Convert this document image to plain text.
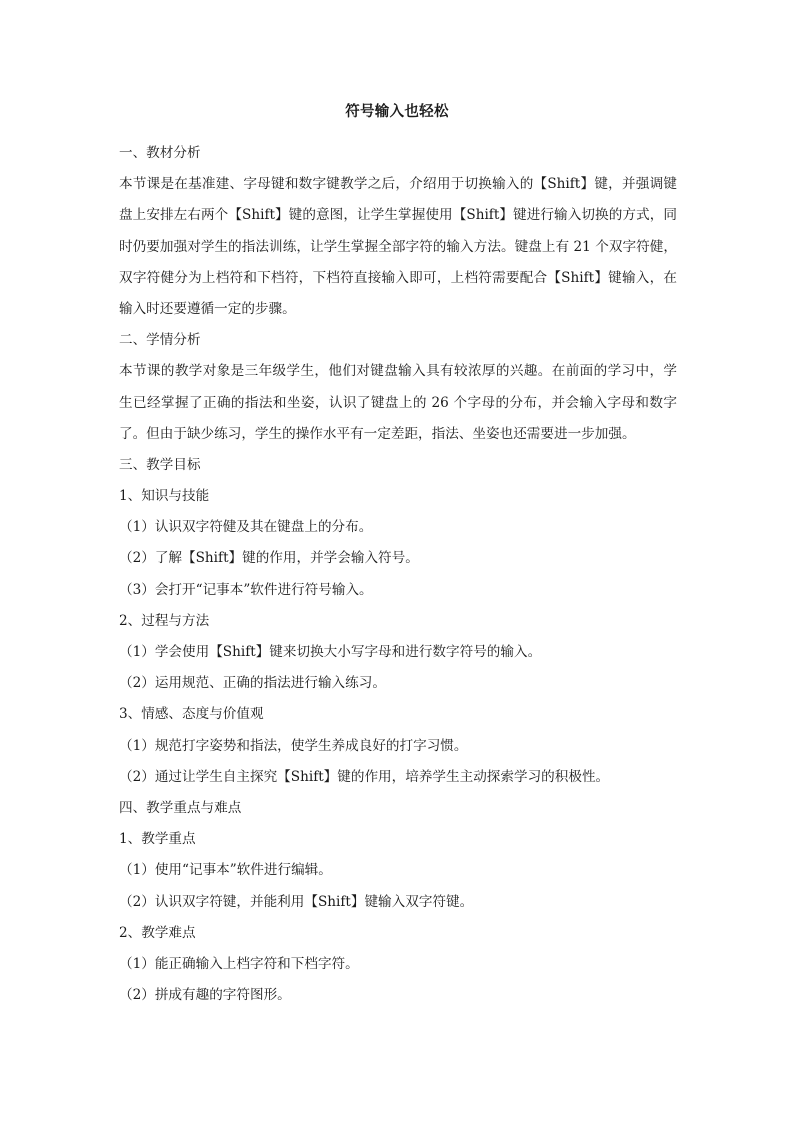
符号输入也轻松
一、教材分析
本节课是在基准建、字母键和数字键教学之后，介绍用于切换输入的【Shift】键，并强调键
盘上安排左右两个【Shift】键的意图，让学生掌握使用【Shift】键进行输入切换的方式，同
时仍要加强对学生的指法训练，让学生掌握全部字符的输入方法。键盘上有 21 个双字符健，
双字符健分为上档符和下档符，下档符直接输入即可，上档符需要配合【Shift】键输入，在
输入时还要遵循一定的步骤。
二、学情分析
本节课的教学对象是三年级学生，他们对键盘输入具有较浓厚的兴趣。在前面的学习中，学
生已经掌握了正确的指法和坐姿，认识了键盘上的 26 个字母的分布，并会输入字母和数字
了。但由于缺少练习，学生的操作水平有一定差距，指法、坐姿也还需要进一步加强。
三、教学目标
1、知识与技能
（1）认识双字符健及其在键盘上的分布。
（2）了解【Shift】键的作用，并学会输入符号。
（3）会打开“记事本”软件进行符号输入。
2、过程与方法
（1）学会使用【Shift】键来切换大小写字母和进行数字符号的输入。
（2）运用规范、正确的指法进行输入练习。
3、情感、态度与价值观
（1）规范打字姿势和指法，使学生养成良好的打字习惯。
（2）通过让学生自主探究【Shift】键的作用，培养学生主动探索学习的积极性。
四、教学重点与难点
1、教学重点
（1）使用“记事本”软件进行编辑。
（2）认识双字符键，并能利用【Shift】键输入双字符键。
2、教学难点
（1）能正确输入上档字符和下档字符。
（2）拼成有趣的字符图形。
